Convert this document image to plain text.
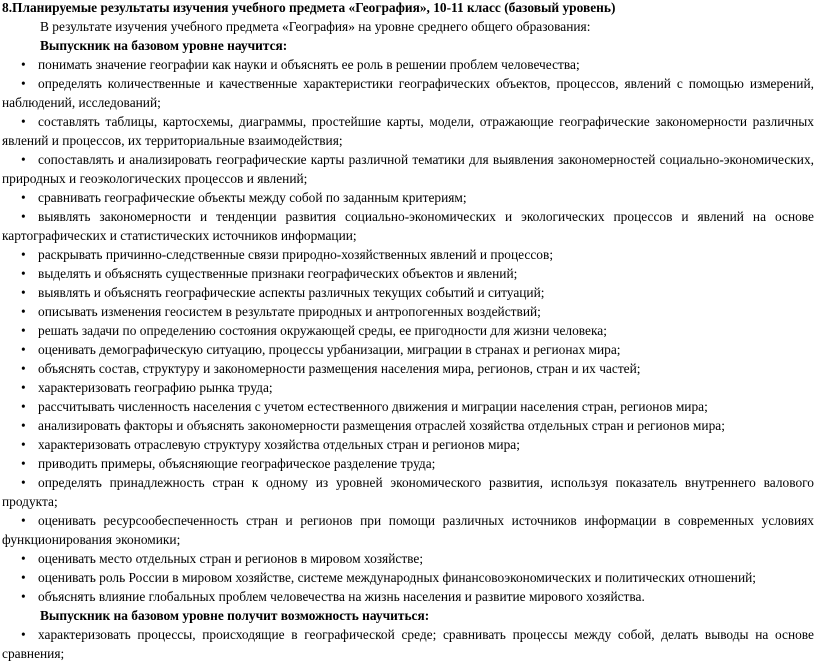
8.Планируемые результаты изучения учебного предмета «География», 10-11 класс (базовый уровень)

В результате изучения учебного предмета «География» на уровне среднего общего образования:

Выпускник на базовом уровне научится:

• понимать значение географии как науки и объяснять ее роль в решении проблем человечества;

• определять количественные и качественные характеристики географических объектов, процессов, явлений с помощью измерений, наблюдений, исследований;

• составлять таблицы, картосхемы, диаграммы, простейшие карты, модели, отражающие географические закономерности различных явлений и процессов, их территориальные взаимодействия;

• сопоставлять и анализировать географические карты различной тематики для выявления закономерностей социально-экономических, природных и геоэкологических процессов и явлений;

• сравнивать географические объекты между собой по заданным критериям;

• выявлять закономерности и тенденции развития социально-экономических и экологических процессов и явлений на основе картографических и статистических источников информации;

• раскрывать причинно-следственные связи природно-хозяйственных явлений и процессов;

• выделять и объяснять существенные признаки географических объектов и явлений;

• выявлять и объяснять географические аспекты различных текущих событий и ситуаций;

• описывать изменения геосистем в результате природных и антропогенных воздействий;

• решать задачи по определению состояния окружающей среды, ее пригодности для жизни человека;

• оценивать демографическую ситуацию, процессы урбанизации, миграции в странах и регионах мира;

• объяснять состав, структуру и закономерности размещения населения мира, регионов, стран и их частей;

• характеризовать географию рынка труда;

• рассчитывать численность населения с учетом естественного движения и миграции населения стран, регионов мира;

• анализировать факторы и объяснять закономерности размещения отраслей хозяйства отдельных стран и регионов мира;

• характеризовать отраслевую структуру хозяйства отдельных стран и регионов мира;

• приводить примеры, объясняющие географическое разделение труда;

• определять принадлежность стран к одному из уровней экономического развития, используя показатель внутреннего валового продукта;

• оценивать ресурсообеспеченность стран и регионов при помощи различных источников информации в современных условиях функционирования экономики;

• оценивать место отдельных стран и регионов в мировом хозяйстве;

• оценивать роль России в мировом хозяйстве, системе международных финансовоэкономических и политических отношений;

• объяснять влияние глобальных проблем человечества на жизнь населения и развитие мирового хозяйства.

Выпускник на базовом уровне получит возможность научиться:

• характеризовать процессы, происходящие в географической среде; сравнивать процессы между собой, делать выводы на основе сравнения;
